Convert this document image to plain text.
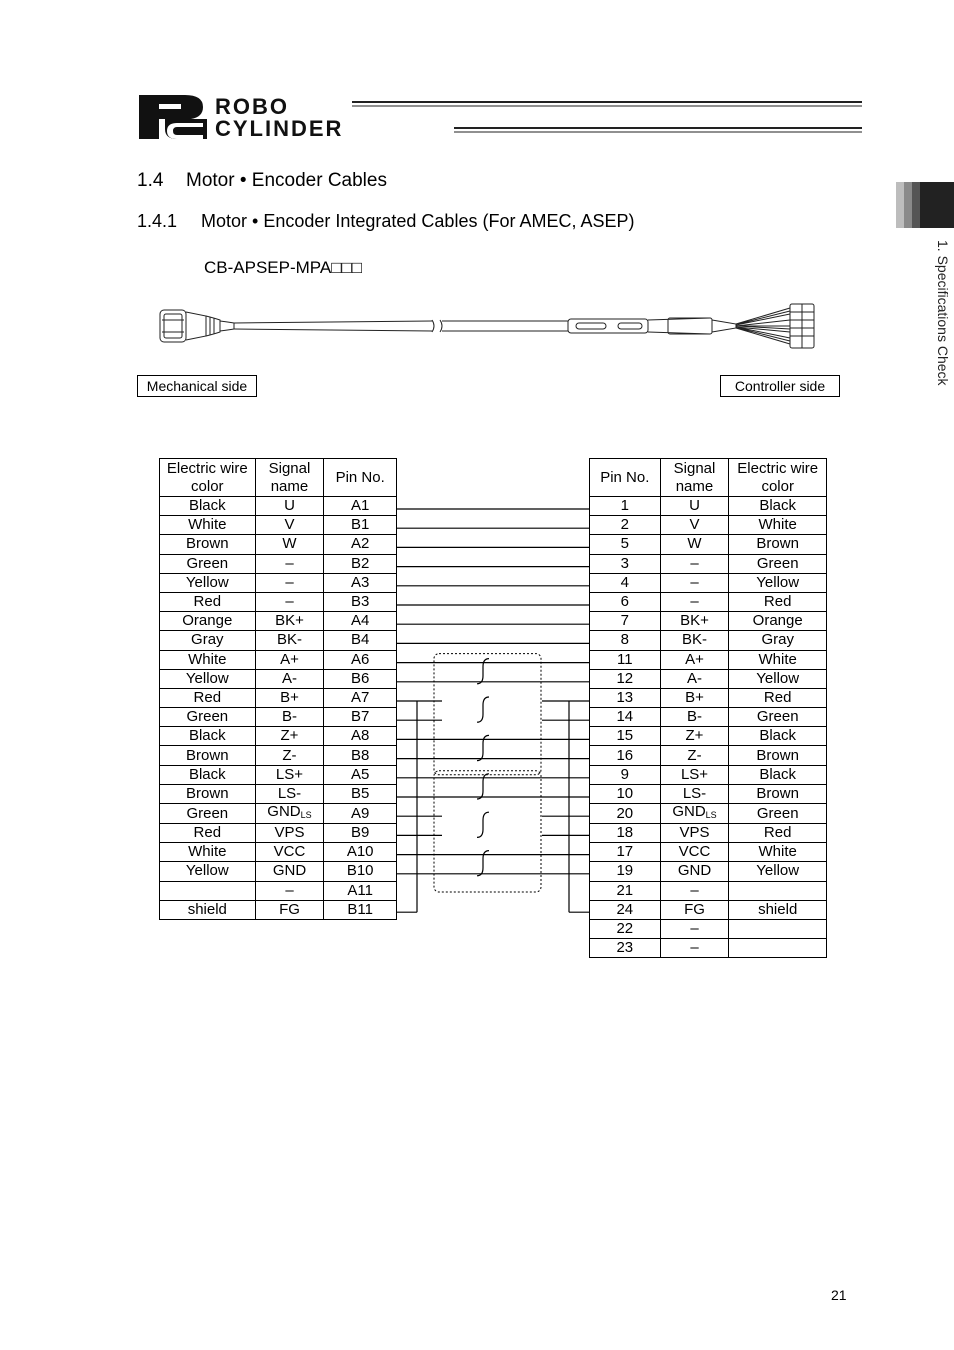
ROBO
CYLINDER
1. Specifications Check
1.4 Motor • Encoder Cables
1.4.1 Motor • Encoder Integrated Cables (For AMEC, ASEP)
CB-APSEP-MPA□□□
Mechanical side	Controller side
Electric wire color	Signal name	Pin No.
Black	U	A1
White	V	B1
Brown	W	A2
Green	–	B2
Yellow	–	A3
Red	–	B3
Orange	BK+	A4
Gray	BK-	B4
White	A+	A6
Yellow	A-	B6
Red	B+	A7
Green	B-	B7
Black	Z+	A8
Brown	Z-	B8
Black	LS+	A5
Brown	LS-	B5
Green	$GND_{LS}$	A9
Red	VPS	B9
White	VCC	A10
Yellow	GND	B10
	–	A11
shield	FG	B11
Pin No.	Signal name	Electric wire color
1	U	Black
2	V	White
5	W	Brown
3	–	Green
4	–	Yellow
6	–	Red
7	BK+	Orange
8	BK-	Gray
11	A+	White
12	A-	Yellow
13	B+	Red
14	B-	Green
15	Z+	Black
16	Z-	Brown
9	LS+	Black
10	LS-	Brown
20	$GND_{LS}$	Green
18	VPS	Red
17	VCC	White
19	GND	Yellow
21	–	
24	FG	shield
22	–	
23	–	
21
